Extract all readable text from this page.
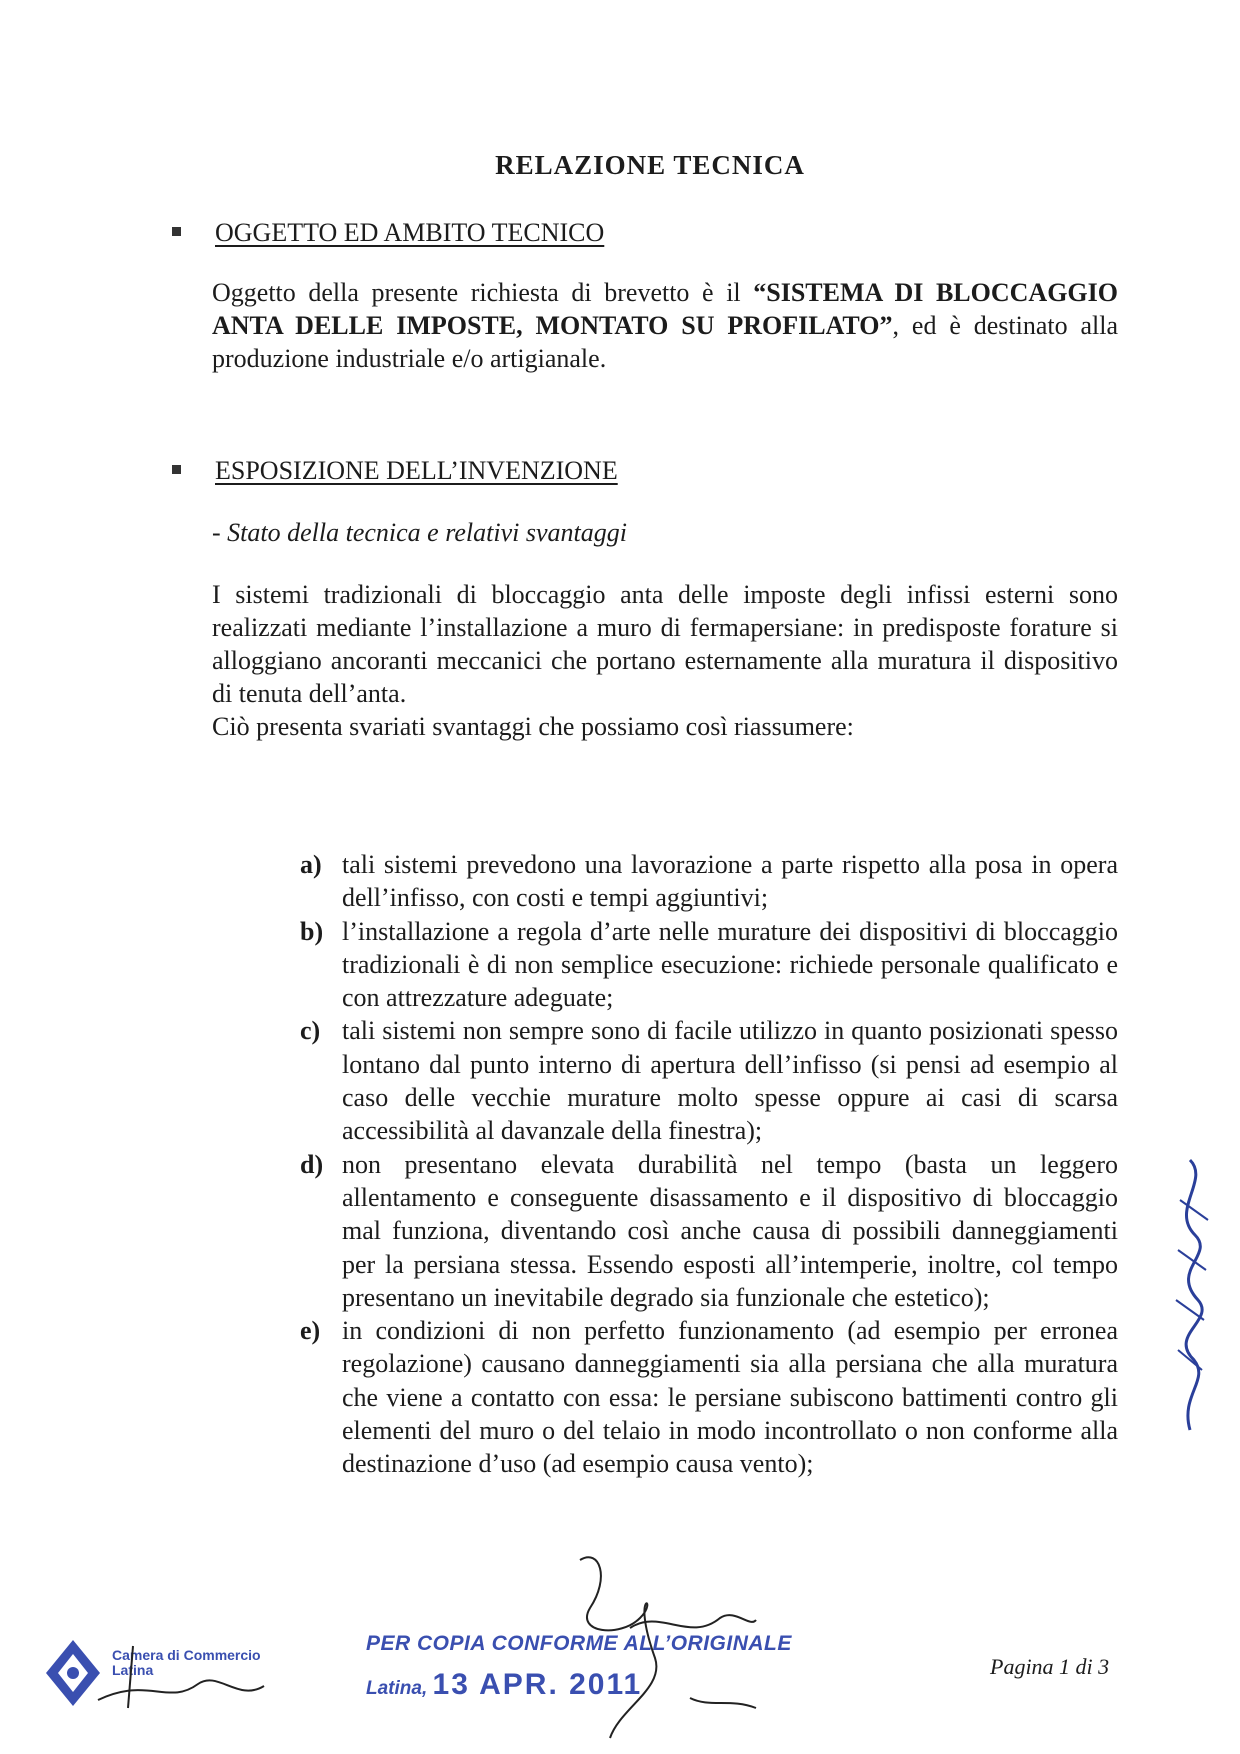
RELAZIONE TECNICA
OGGETTO ED AMBITO TECNICO
Oggetto della presente richiesta di brevetto è il “SISTEMA DI BLOCCAGGIO ANTA DELLE IMPOSTE, MONTATO SU PROFILATO”, ed è destinato alla produzione industriale e/o artigianale.
ESPOSIZIONE DELL’INVENZIONE
- Stato della tecnica e relativi svantaggi
I sistemi tradizionali di bloccaggio anta delle imposte degli infissi esterni sono realizzati mediante l’installazione a muro di fermapersiane: in predisposte forature si alloggiano ancoranti meccanici che portano esternamente alla muratura il dispositivo di tenuta dell’anta.
Ciò presenta svariati svantaggi che possiamo così riassumere:
a) tali sistemi prevedono una lavorazione a parte rispetto alla posa in opera dell’infisso, con costi e tempi aggiuntivi;
b) l’installazione a regola d’arte nelle murature dei dispositivi di bloccaggio tradizionali è di non semplice esecuzione: richiede personale qualificato e con attrezzature adeguate;
c) tali sistemi non sempre sono di facile utilizzo in quanto posizionati spesso lontano dal punto interno di apertura dell’infisso (si pensi ad esempio al caso delle vecchie murature molto spesse oppure ai casi di scarsa accessibilità al davanzale della finestra);
d) non presentano elevata durabilità nel tempo (basta un leggero allentamento e conseguente disassamento e il dispositivo di bloccaggio mal funziona, diventando così anche causa di possibili danneggiamenti per la persiana stessa. Essendo esposti all’intemperie, inoltre, col tempo presentano un inevitabile degrado sia funzionale che estetico);
e) in condizioni di non perfetto funzionamento (ad esempio per erronea regolazione) causano danneggiamenti sia alla persiana che alla muratura che viene a contatto con essa: le persiane subiscono battimenti contro gli elementi del muro o del telaio in modo incontrollato o non conforme alla destinazione d’uso (ad esempio causa vento);
Camera di Commercio
Latina
PER COPIA CONFORME ALL’ORIGINALE
Latina, 13 APR. 2011
Pagina 1 di 3
